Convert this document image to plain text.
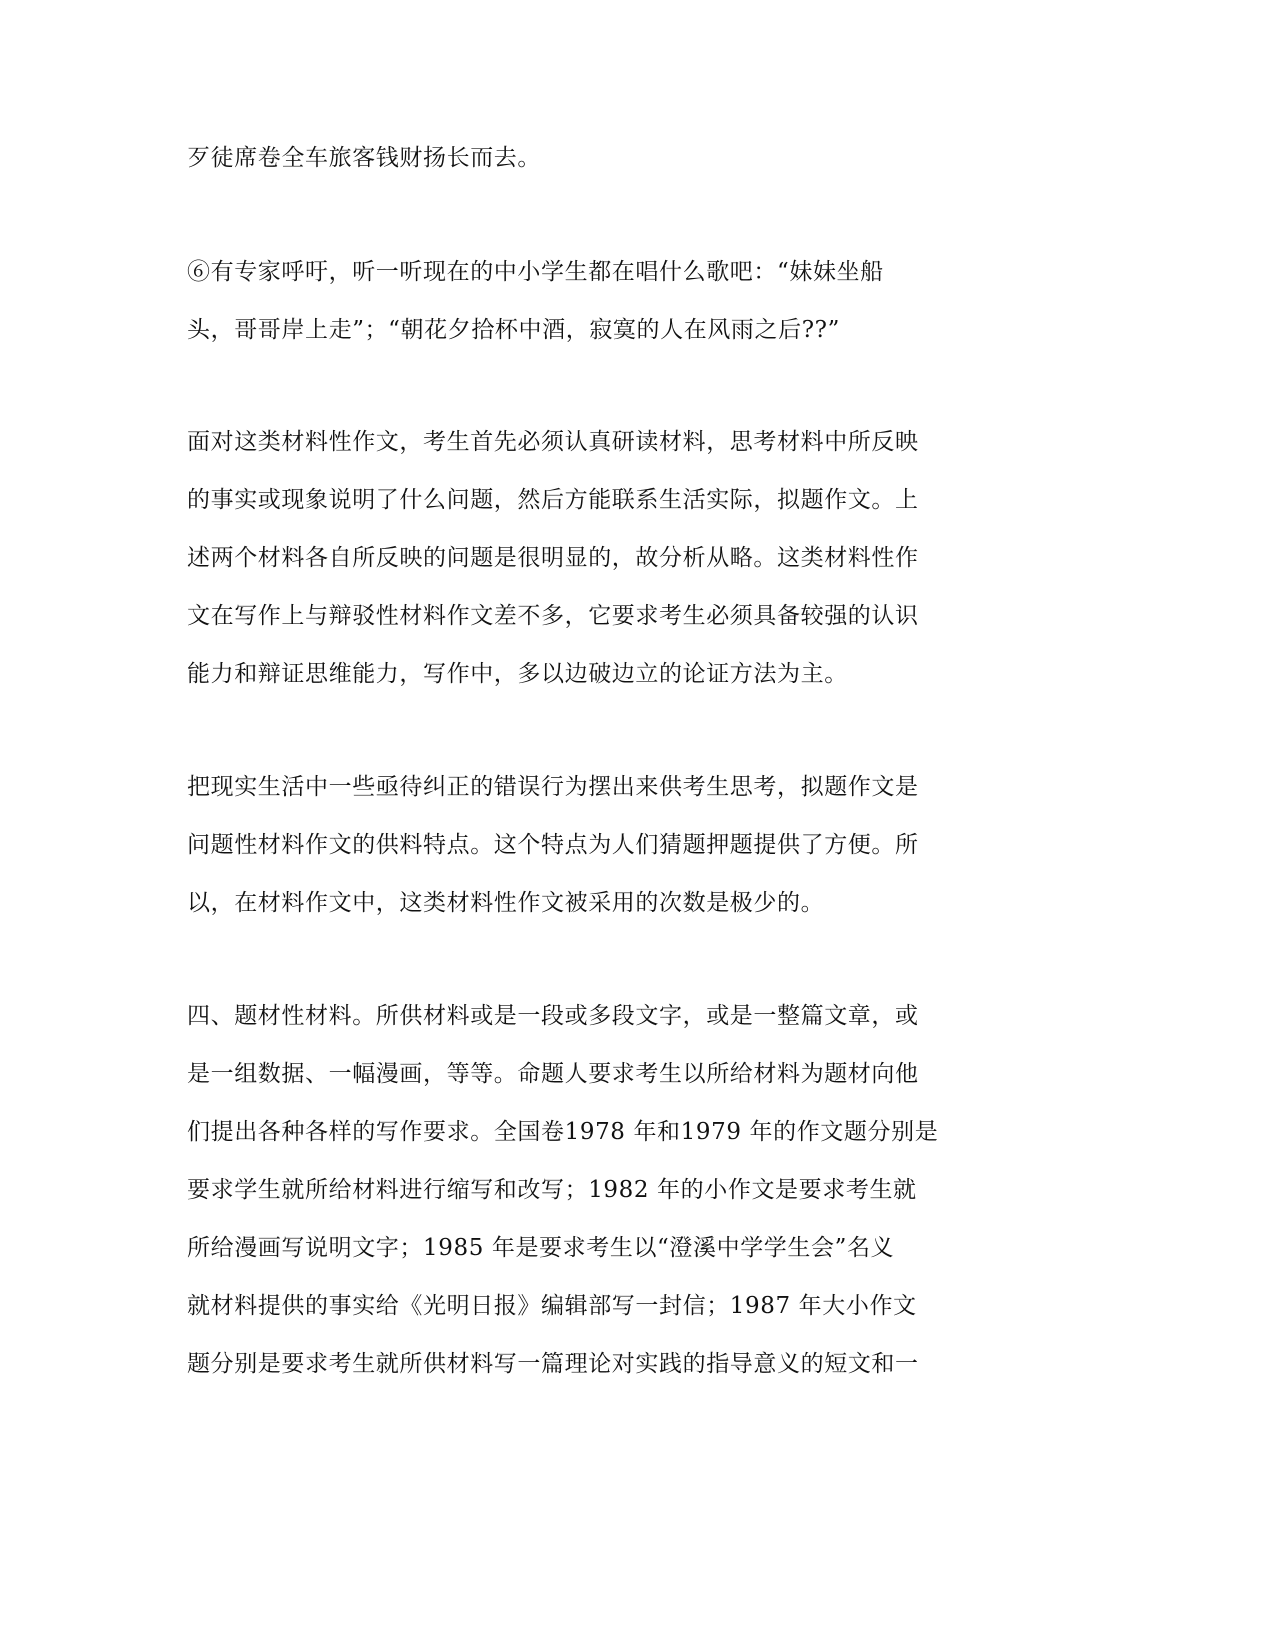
歹徒席卷全车旅客钱财扬长而去。
⑥有专家呼吁，听一听现在的中小学生都在唱什么歌吧：“妹妹坐船
头，哥哥岸上走”；“朝花夕拾杯中酒，寂寞的人在风雨之后??”
面对这类材料性作文，考生首先必须认真研读材料，思考材料中所反映
的事实或现象说明了什么问题，然后方能联系生活实际，拟题作文。上
述两个材料各自所反映的问题是很明显的，故分析从略。这类材料性作
文在写作上与辩驳性材料作文差不多，它要求考生必须具备较强的认识
能力和辩证思维能力，写作中，多以边破边立的论证方法为主。
把现实生活中一些亟待纠正的错误行为摆出来供考生思考，拟题作文是
问题性材料作文的供料特点。这个特点为人们猜题押题提供了方便。所
以，在材料作文中，这类材料性作文被采用的次数是极少的。
四、题材性材料。所供材料或是一段或多段文字，或是一整篇文章，或
是一组数据、一幅漫画，等等。命题人要求考生以所给材料为题材向他
们提出各种各样的写作要求。全国卷1978 年和1979 年的作文题分别是
要求学生就所给材料进行缩写和改写；1982 年的小作文是要求考生就
所给漫画写说明文字；1985 年是要求考生以“澄溪中学学生会”名义
就材料提供的事实给《光明日报》编辑部写一封信；1987 年大小作文
题分别是要求考生就所供材料写一篇理论对实践的指导意义的短文和一
